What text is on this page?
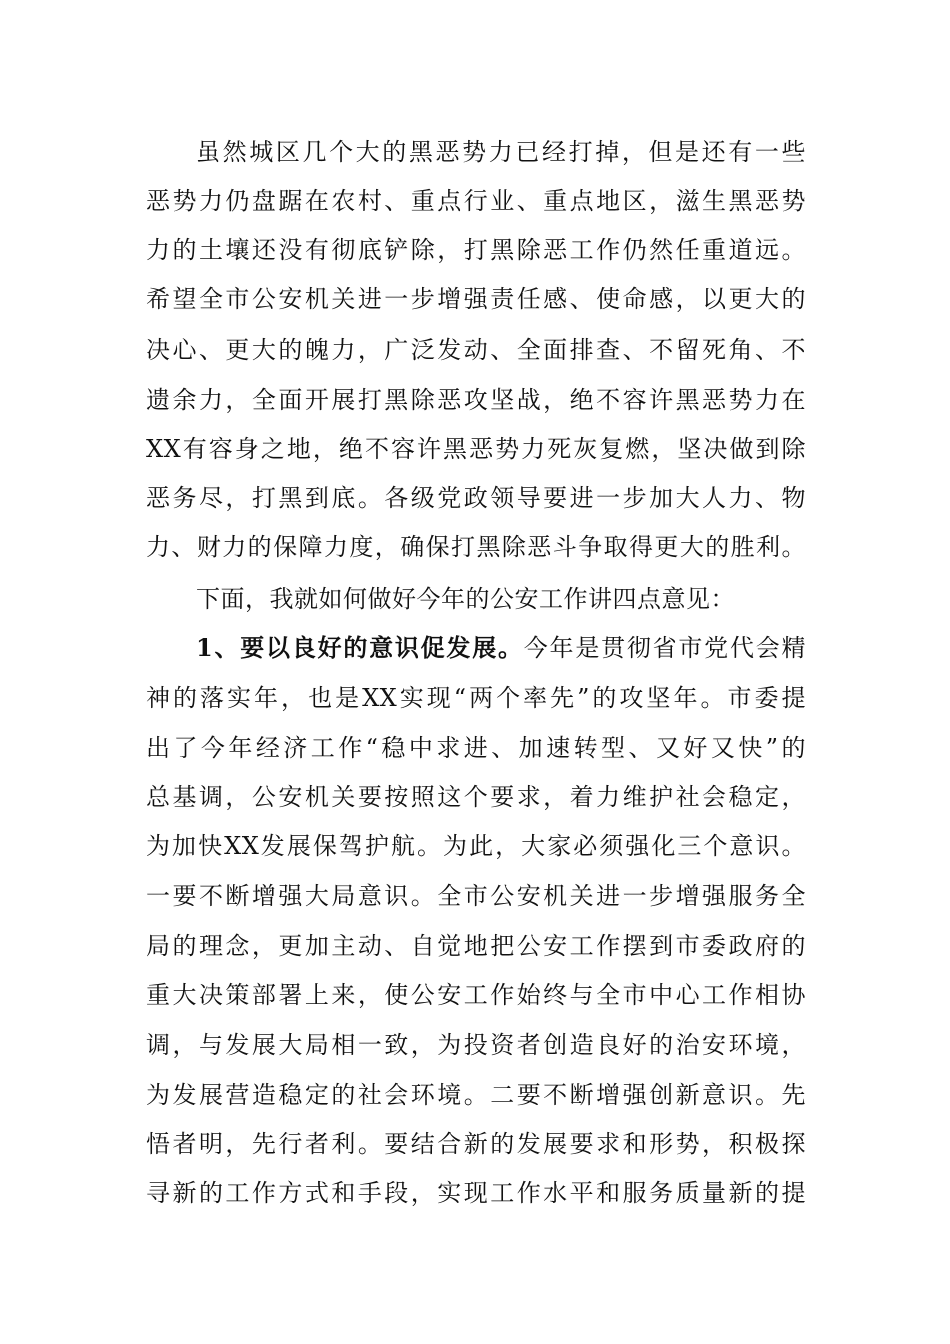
虽然城区几个大的黑恶势力已经打掉，但是还有一些
恶势力仍盘踞在农村、重点行业、重点地区，滋生黑恶势
力的土壤还没有彻底铲除，打黑除恶工作仍然任重道远。
希望全市公安机关进一步增强责任感、使命感，以更大的
决心、更大的魄力，广泛发动、全面排查、不留死角、不
遗余力，全面开展打黑除恶攻坚战，绝不容许黑恶势力在
XX有容身之地，绝不容许黑恶势力死灰复燃，坚决做到除
恶务尽，打黑到底。各级党政领导要进一步加大人力、物
力、财力的保障力度，确保打黑除恶斗争取得更大的胜利。
下面，我就如何做好今年的公安工作讲四点意见：
1、要以良好的意识促发展。今年是贯彻省市党代会精
神的落实年，也是XX实现“两个率先”的攻坚年。市委提
出了今年经济工作“稳中求进、加速转型、又好又快”的
总基调，公安机关要按照这个要求，着力维护社会稳定，
为加快XX发展保驾护航。为此，大家必须强化三个意识。
一要不断增强大局意识。全市公安机关进一步增强服务全
局的理念，更加主动、自觉地把公安工作摆到市委政府的
重大决策部署上来，使公安工作始终与全市中心工作相协
调，与发展大局相一致，为投资者创造良好的治安环境，
为发展营造稳定的社会环境。二要不断增强创新意识。先
悟者明，先行者利。要结合新的发展要求和形势，积极探
寻新的工作方式和手段，实现工作水平和服务质量新的提
